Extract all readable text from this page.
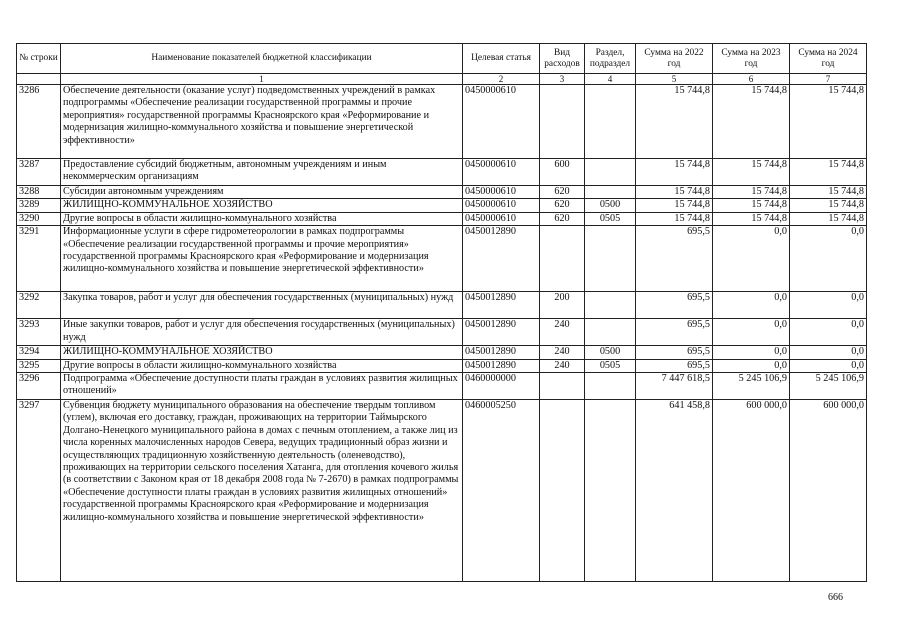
№ строки	Наименование показателей бюджетной классификации	Целевая статья	Вид расходов	Раздел, подраздел	Сумма на 2022 год	Сумма на 2023 год	Сумма на 2024 год
	1	2	3	4	5	6	7
3286	Обеспечение деятельности (оказание услуг) подведомственных учреждений в рамках подпрограммы «Обеспечение реализации государственной программы и прочие мероприятия» государственной программы Красноярского края «Реформирование и модернизация жилищно-коммунального хозяйства и повышение энергетической эффективности»	0450000610			15 744,8	15 744,8	15 744,8
3287	Предоставление субсидий бюджетным, автономным учреждениям и иным некоммерческим организациям	0450000610	600		15 744,8	15 744,8	15 744,8
3288	Субсидии автономным учреждениям	0450000610	620		15 744,8	15 744,8	15 744,8
3289	ЖИЛИЩНО-КОММУНАЛЬНОЕ ХОЗЯЙСТВО	0450000610	620	0500	15 744,8	15 744,8	15 744,8
3290	Другие вопросы в области жилищно-коммунального хозяйства	0450000610	620	0505	15 744,8	15 744,8	15 744,8
3291	Информационные услуги в сфере гидрометеорологии в рамках подпрограммы «Обеспечение реализации государственной программы и прочие мероприятия» государственной программы Красноярского края «Реформирование и модернизация жилищно-коммунального хозяйства и повышение энергетической эффективности»	0450012890			695,5	0,0	0,0
3292	Закупка товаров, работ и услуг для обеспечения государственных (муниципальных) нужд	0450012890	200		695,5	0,0	0,0
3293	Иные закупки товаров, работ и услуг для обеспечения государственных (муниципальных) нужд	0450012890	240		695,5	0,0	0,0
3294	ЖИЛИЩНО-КОММУНАЛЬНОЕ ХОЗЯЙСТВО	0450012890	240	0500	695,5	0,0	0,0
3295	Другие вопросы в области жилищно-коммунального хозяйства	0450012890	240	0505	695,5	0,0	0,0
3296	Подпрограмма «Обеспечение доступности платы граждан в условиях развития жилищных отношений»	0460000000			7 447 618,5	5 245 106,9	5 245 106,9
3297	Субвенция бюджету муниципального образования на обеспечение твердым топливом (углем), включая его доставку, граждан, проживающих на территории Таймырского Долгано-Ненецкого муниципального района в домах с печным отоплением, а также лиц из числа коренных малочисленных народов Севера, ведущих традиционный образ жизни и осуществляющих традиционную хозяйственную деятельность (оленеводство), проживающих на территории сельского поселения Хатанга, для отопления кочевого жилья (в соответствии с Законом края от 18 декабря 2008 года № 7-2670) в рамках подпрограммы «Обеспечение доступности платы граждан в условиях развития жилищных отношений» государственной программы Красноярского края «Реформирование и модернизация жилищно-коммунального хозяйства и повышение энергетической эффективности»	0460005250			641 458,8	600 000,0	600 000,0
666
